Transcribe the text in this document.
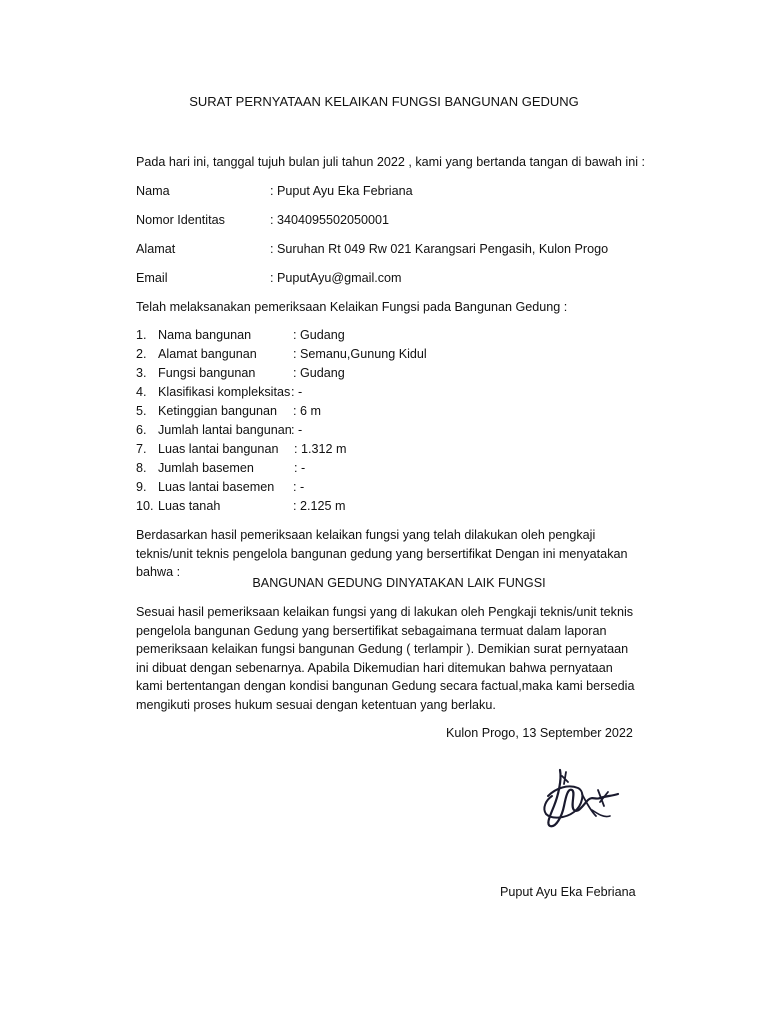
SURAT PERNYATAAN KELAIKAN FUNGSI BANGUNAN GEDUNG
Pada hari ini, tanggal tujuh bulan juli tahun 2022 , kami yang bertanda tangan di bawah ini :
Nama	: Puput Ayu Eka Febriana
Nomor Identitas	: 3404095502050001
Alamat	: Suruhan Rt 049 Rw 021 Karangsari Pengasih, Kulon Progo
Email	: PuputAyu@gmail.com
Telah melaksanakan pemeriksaan Kelaikan Fungsi pada Bangunan Gedung :
1. Nama bangunan	: Gudang
2. Alamat bangunan	: Semanu,Gunung Kidul
3. Fungsi bangunan	: Gudang
4. Klasifikasi kompleksitas : -
5. Ketinggian bangunan : 6 m
6. Jumlah lantai bangunan : -
7. Luas lantai bangunan : 1.312 m
8. Jumlah basemen	: -
9. Luas lantai basemen : -
10. Luas tanah	: 2.125 m
Berdasarkan hasil pemeriksaan kelaikan fungsi yang telah dilakukan oleh pengkaji teknis/unit teknis pengelola bangunan gedung yang bersertifikat Dengan ini menyatakan bahwa :
BANGUNAN GEDUNG DINYATAKAN LAIK FUNGSI
Sesuai hasil pemeriksaan kelaikan fungsi yang di lakukan oleh Pengkaji teknis/unit teknis pengelola bangunan Gedung yang bersertifikat sebagaimana termuat dalam laporan pemeriksaan kelaikan fungsi bangunan Gedung ( terlampir ). Demikian surat pernyataan ini dibuat dengan sebenarnya. Apabila Dikemudian hari ditemukan bahwa pernyataan kami bertentangan dengan kondisi bangunan Gedung secara factual,maka kami bersedia mengikuti proses hukum sesuai dengan ketentuan yang berlaku.
Kulon Progo, 13 September 2022
Puput Ayu Eka Febriana
